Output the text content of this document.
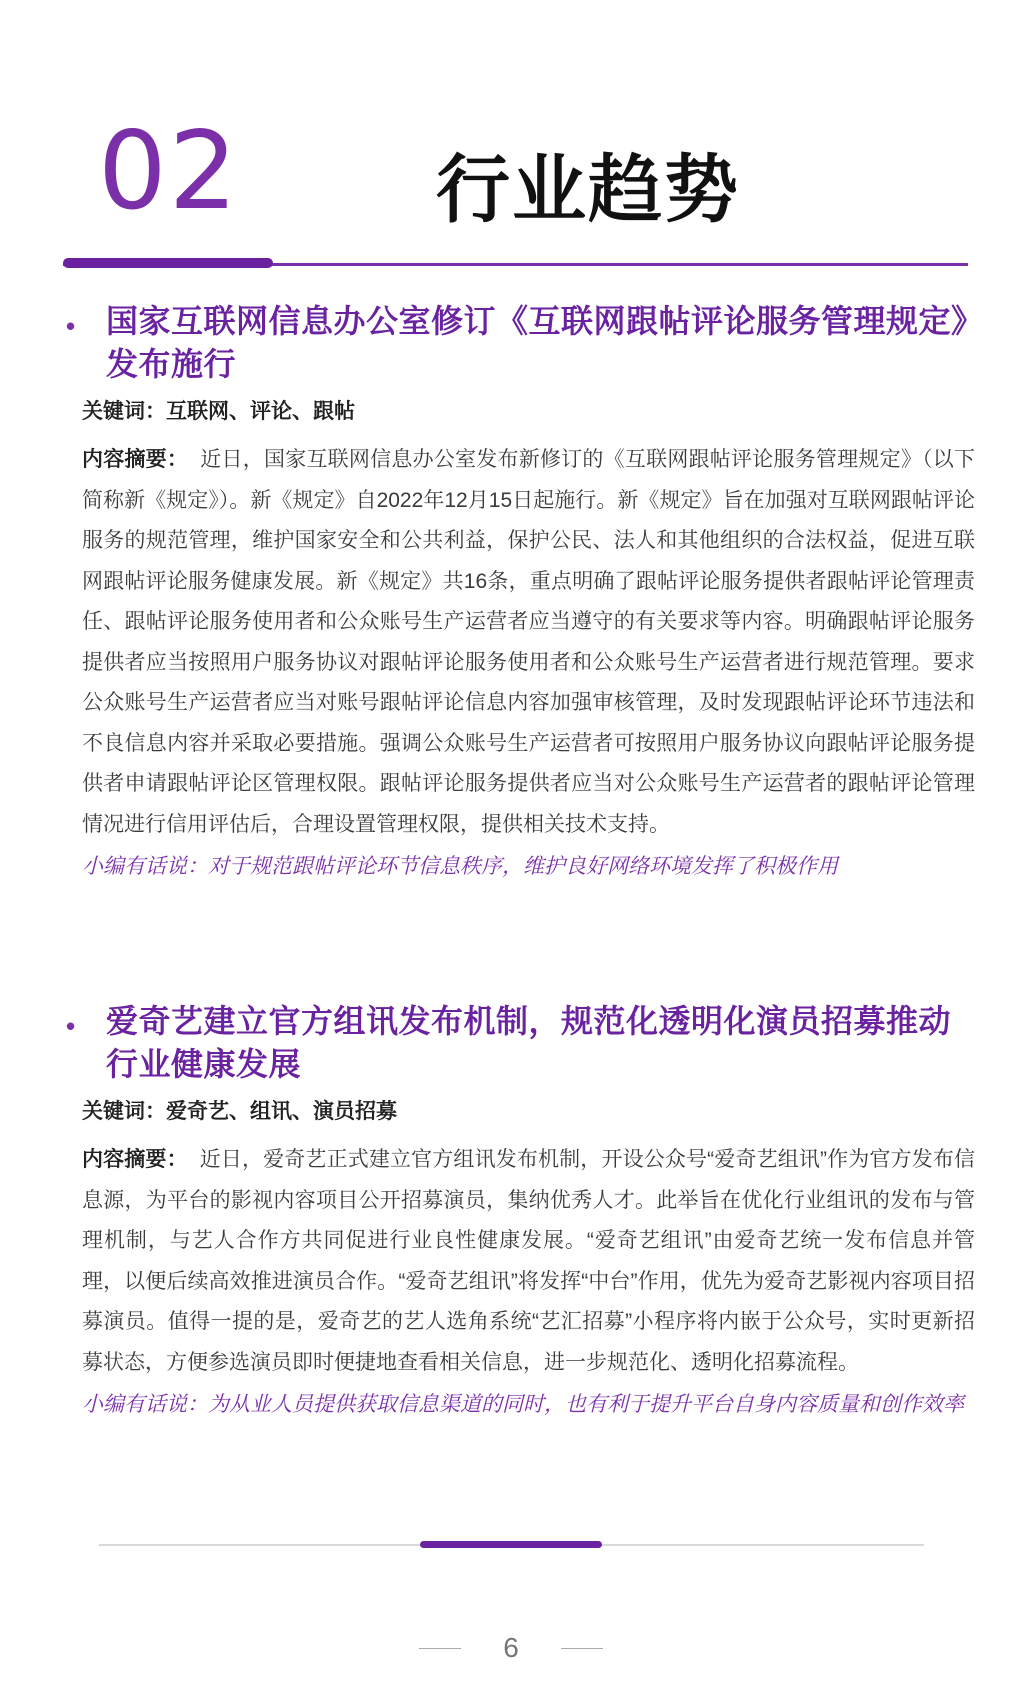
02	行业趋势
• 国家互联网信息办公室修订《互联网跟帖评论服务管理规定》发布施行
关键词：互联网、评论、跟帖
内容摘要： 近日，国家互联网信息办公室发布新修订的《互联网跟帖评论服务管理规定》（以下简称新《规定》）。新《规定》自2022年12月15日起施行。新《规定》旨在加强对互联网跟帖评论服务的规范管理，维护国家安全和公共利益，保护公民、法人和其他组织的合法权益，促进互联网跟帖评论服务健康发展。新《规定》共16条，重点明确了跟帖评论服务提供者跟帖评论管理责任、跟帖评论服务使用者和公众账号生产运营者应当遵守的有关要求等内容。明确跟帖评论服务提供者应当按照用户服务协议对跟帖评论服务使用者和公众账号生产运营者进行规范管理。要求公众账号生产运营者应当对账号跟帖评论信息内容加强审核管理，及时发现跟帖评论环节违法和不良信息内容并采取必要措施。强调公众账号生产运营者可按照用户服务协议向跟帖评论服务提供者申请跟帖评论区管理权限。跟帖评论服务提供者应当对公众账号生产运营者的跟帖评论管理情况进行信用评估后，合理设置管理权限，提供相关技术支持。
小编有话说：对于规范跟帖评论环节信息秩序，维护良好网络环境发挥了积极作用
• 爱奇艺建立官方组讯发布机制，规范化透明化演员招募推动行业健康发展
关键词：爱奇艺、组讯、演员招募
内容摘要： 近日，爱奇艺正式建立官方组讯发布机制，开设公众号“爱奇艺组讯”作为官方发布信息源，为平台的影视内容项目公开招募演员，集纳优秀人才。此举旨在优化行业组讯的发布与管理机制，与艺人合作方共同促进行业良性健康发展。“爱奇艺组讯”由爱奇艺统一发布信息并管理，以便后续高效推进演员合作。“爱奇艺组讯”将发挥“中台”作用，优先为爱奇艺影视内容项目招募演员。值得一提的是，爱奇艺的艺人选角系统“艺汇招募”小程序将内嵌于公众号，实时更新招募状态，方便参选演员即时便捷地查看相关信息，进一步规范化、透明化招募流程。
小编有话说：为从业人员提供获取信息渠道的同时，也有利于提升平台自身内容质量和创作效率
6
